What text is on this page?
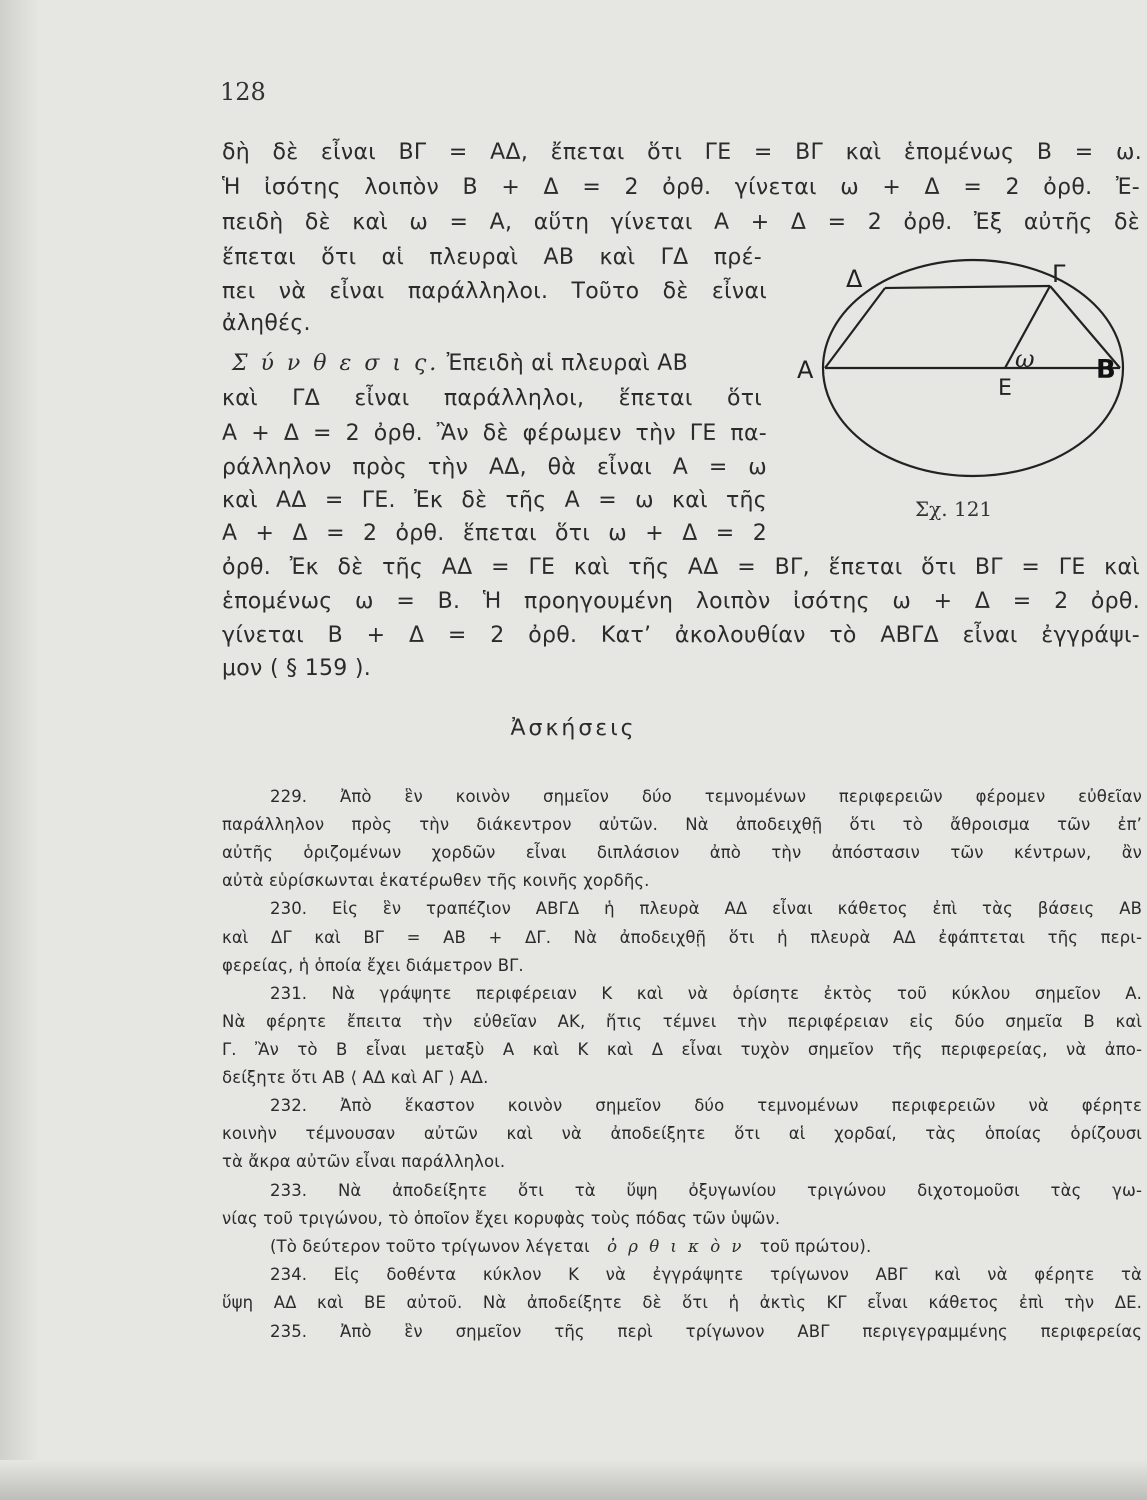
128
δὴ δὲ εἶναι ΒΓ = ΑΔ, ἔπεται ὅτι ΓΕ = ΒΓ καὶ ἑπομένως Β = ω.
Ἡ ἰσότης λοιπὸν Β + Δ = 2 ὀρθ. γίνεται ω + Δ = 2 ὀρθ. Ἐ-
πειδὴ δὲ καὶ ω = Α, αὕτη γίνεται Α + Δ = 2 ὀρθ. Ἐξ αὐτῆς δὲ
ἕπεται ὅτι αἱ πλευραὶ ΑΒ καὶ ΓΔ πρέ-
πει νὰ εἶναι παράλληλοι. Τοῦτο δὲ εἶναι
ἀληθές.
Σ ύ ν θ ε σ ι ς. Ἐπειδὴ αἱ πλευραὶ ΑΒ
καὶ ΓΔ εἶναι παράλληλοι, ἕπεται ὅτι
Α + Δ = 2 ὀρθ. Ἂν δὲ φέρωμεν τὴν ΓΕ πα-
ράλληλον πρὸς τὴν ΑΔ, θὰ εἶναι Α = ω
καὶ ΑΔ = ΓΕ. Ἐκ δὲ τῆς Α = ω καὶ τῆς
Α + Δ = 2 ὀρθ. ἕπεται ὅτι ω + Δ = 2
ὀρθ. Ἐκ δὲ τῆς ΑΔ = ΓΕ καὶ τῆς ΑΔ = ΒΓ, ἕπεται ὅτι ΒΓ = ΓΕ καὶ
ἑπομένως ω = Β. Ἡ προηγουμένη λοιπὸν ἰσότης ω + Δ = 2 ὀρθ.
γίνεται Β + Δ = 2 ὀρθ. Κατ’ ἀκολουθίαν τὸ ΑΒΓΔ εἶναι ἐγγράψι-
μον ( § 159 ).
Δ	Γ
Α	Β
Ε
ω
Σχ. 121
Ἀσκήσεις
229. Ἀπὸ ἓν κοινὸν σημεῖον δύο τεμνομένων περιφερειῶν φέρομεν εὐθεῖαν
παράλληλον πρὸς τὴν διάκεντρον αὐτῶν. Νὰ ἀποδειχθῇ ὅτι τὸ ἄθροισμα τῶν ἐπ’
αὐτῆς ὁριζομένων χορδῶν εἶναι διπλάσιον ἀπὸ τὴν ἀπόστασιν τῶν κέντρων, ἂν
αὐτὰ εὑρίσκωνται ἑκατέρωθεν τῆς κοινῆς χορδῆς.
230. Εἰς ἓν τραπέζιον ΑΒΓΔ ἡ πλευρὰ ΑΔ εἶναι κάθετος ἐπὶ τὰς βάσεις ΑΒ
καὶ ΔΓ καὶ ΒΓ = ΑΒ + ΔΓ. Νὰ ἀποδειχθῇ ὅτι ἡ πλευρὰ ΑΔ ἐφάπτεται τῆς περι-
φερείας, ἡ ὁποία ἔχει διάμετρον ΒΓ.
231. Νὰ γράψητε περιφέρειαν Κ καὶ νὰ ὁρίσητε ἐκτὸς τοῦ κύκλου σημεῖον Α.
Νὰ φέρητε ἔπειτα τὴν εὐθεῖαν ΑΚ, ἥτις τέμνει τὴν περιφέρειαν εἰς δύο σημεῖα Β καὶ
Γ. Ἂν τὸ Β εἶναι μεταξὺ Α καὶ Κ καὶ Δ εἶναι τυχὸν σημεῖον τῆς περιφερείας, νὰ ἀπο-
δείξητε ὅτι ΑΒ ⟨ ΑΔ καὶ ΑΓ ⟩ ΑΔ.
232. Ἀπὸ ἕκαστον κοινὸν σημεῖον δύο τεμνομένων περιφερειῶν νὰ φέρητε
κοινὴν τέμνουσαν αὐτῶν καὶ νὰ ἀποδείξητε ὅτι αἱ χορδαί, τὰς ὁποίας ὁρίζουσι
τὰ ἄκρα αὐτῶν εἶναι παράλληλοι.
233. Νὰ ἀποδείξητε ὅτι τὰ ὕψη ὀξυγωνίου τριγώνου διχοτομοῦσι τὰς γω-
νίας τοῦ τριγώνου, τὸ ὁποῖον ἔχει κορυφὰς τοὺς πόδας τῶν ὑψῶν.
(Τὸ δεύτερον τοῦτο τρίγωνον λέγεται ὀ ρ θ ι κ ὸ ν τοῦ πρώτου).
234. Εἰς δοθέντα κύκλον Κ νὰ ἐγγράψητε τρίγωνον ΑΒΓ καὶ νὰ φέρητε τὰ
ὕψη ΑΔ καὶ ΒΕ αὐτοῦ. Νὰ ἀποδείξητε δὲ ὅτι ἡ ἀκτὶς ΚΓ εἶναι κάθετος ἐπὶ τὴν ΔΕ.
235. Ἀπὸ ἓν σημεῖον τῆς περὶ τρίγωνον ΑΒΓ περιγεγραμμένης περιφερείας
